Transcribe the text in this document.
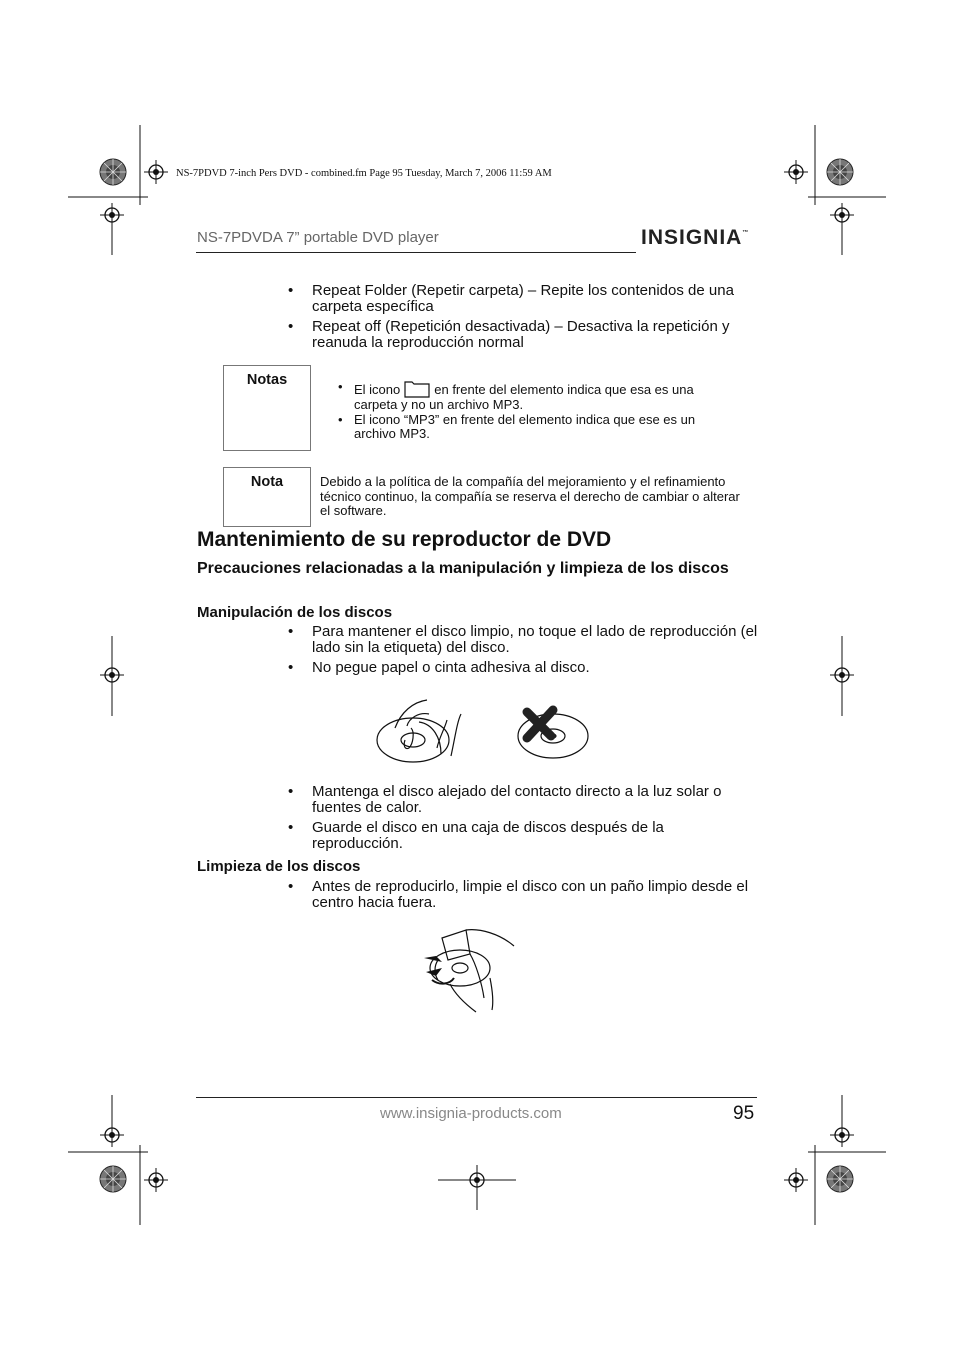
NS-7PDVD 7-inch Pers DVD - combined.fm Page 95 Tuesday, March 7, 2006 11:59 AM
NS-7PDVDA 7” portable DVD player	INSIGNIA™
• Repeat Folder (Repetir carpeta) – Repite los contenidos de una carpeta específica
• Repeat off (Repetición desactivada) – Desactiva la repetición y reanuda la reproducción normal
Notas	• El icono	en frente del elemento indica que esa es una carpeta y no un archivo MP3.
• El icono “MP3” en frente del elemento indica que ese es un archivo MP3.
Nota	Debido a la política de la compañía del mejoramiento y el refinamiento técnico continuo, la compañía se reserva el derecho de cambiar o alterar el software.
Mantenimiento de su reproductor de DVD
Precauciones relacionadas a la manipulación y limpieza de los discos
Manipulación de los discos
• Para mantener el disco limpio, no toque el lado de reproducción (el lado sin la etiqueta) del disco.
• No pegue papel o cinta adhesiva al disco.
• Mantenga el disco alejado del contacto directo a la luz solar o fuentes de calor.
• Guarde el disco en una caja de discos después de la reproducción.
Limpieza de los discos
• Antes de reproducirlo, limpie el disco con un paño limpio desde el centro hacia fuera.
www.insignia-products.com	95
